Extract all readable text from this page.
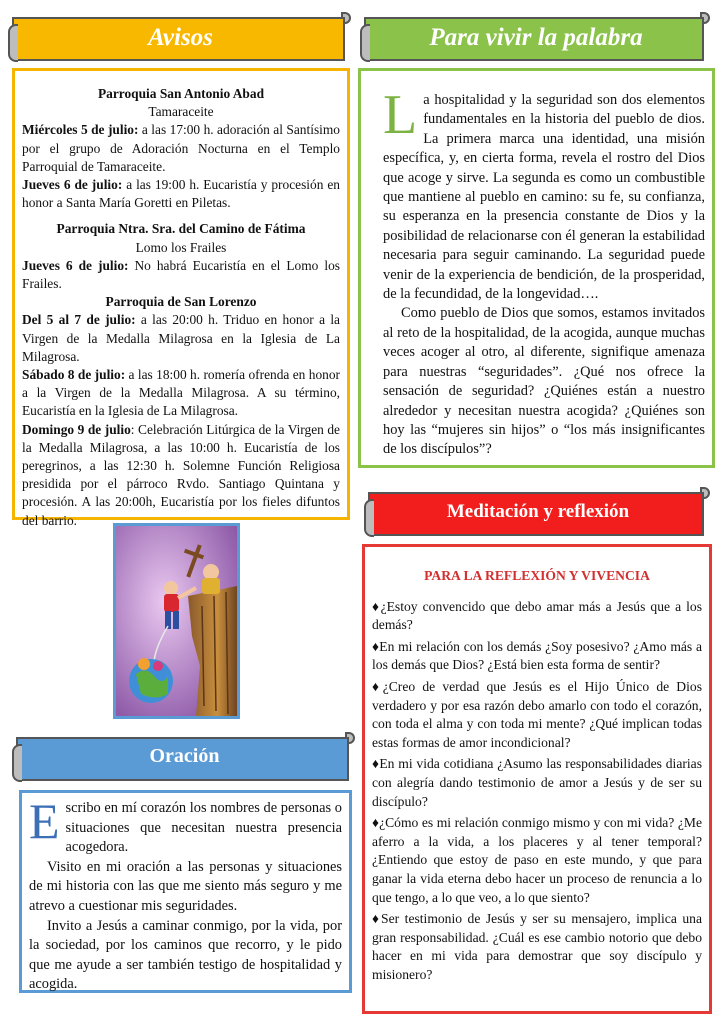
Avisos	Para vivir la palabra
Parroquia San Antonio Abad
Tamaraceite
Miércoles 5 de julio: a las 17:00 h. adoración al Santísimo por el grupo de Adoración Nocturna en el Templo Parroquial de Tamaraceite.
Jueves 6 de julio: a las 19:00 h. Eucaristía y procesión en honor a Santa María Goretti en Piletas.
Parroquia Ntra. Sra. del Camino de Fátima
Lomo los Frailes
Jueves 6 de julio: No habrá Eucaristía en el Lomo los Frailes.
Parroquia de San Lorenzo
Del 5 al 7 de julio: a las 20:00 h. Triduo en honor a la Virgen de la Medalla Milagrosa en la Iglesia de La Milagrosa.
Sábado 8 de julio: a las 18:00 h. romería ofrenda en honor a la Virgen de la Medalla Milagrosa. A su término, Eucaristía en la Iglesia de La Milagrosa.
Domingo 9 de julio: Celebración Litúrgica de la Virgen de la Medalla Milagrosa, a las 10:00 h. Eucaristía de los peregrinos, a las 12:30 h. Solemne Función Religiosa presidida por el párroco Rvdo. Santiago Quintana y procesión. A las 20:00h, Eucaristía por los fieles difuntos del barrio.
La hospitalidad y la seguridad son dos elementos fundamentales en la historia del pueblo de dios. La primera marca una identidad, una misión específica, y, en cierta forma, revela el rostro del Dios que acoge y sirve. La segunda es como un combustible que mantiene al pueblo en camino: su fe, su confianza, su esperanza en la presencia constante de Dios y la posibilidad de relacionarse con él generan la estabilidad necesaria para seguir caminando. La seguridad puede venir de la experiencia de bendición, de la prosperidad, de la fecundidad, de la longevidad….
Como pueblo de Dios que somos, estamos invitados al reto de la hospitalidad, de la acogida, aunque muchas veces acoger al otro, al diferente, signifique amenaza para nuestras “seguridades”. ¿Qué nos ofrece la sensación de seguridad? ¿Quiénes están a nuestro alrededor y necesitan nuestra acogida? ¿Quiénes son hoy las “mujeres sin hijos” o “los más insignificantes de los discípulos”?
Meditación y reflexión
PARA LA REFLEXIÓN Y VIVENCIA
♦¿Estoy convencido que debo amar más a Jesús que a los demás?
♦En mi relación con los demás ¿Soy posesivo? ¿Amo más a los demás que Dios? ¿Está bien esta forma de sentir?
♦¿Creo de verdad que Jesús es el Hijo Único de Dios verdadero y por esa razón debo amarlo con todo el corazón, con toda el alma y con toda mi mente? ¿Qué implican todas estas formas de amor incondicional?
♦En mi vida cotidiana ¿Asumo las responsabilidades diarias con alegría dando testimonio de amor a Jesús y de ser su discípulo?
♦¿Cómo es mi relación conmigo mismo y con mi vida? ¿Me aferro a la vida, a los placeres y al tener temporal? ¿Entiendo que estoy de paso en este mundo, y que para ganar la vida eterna debo hacer un proceso de renuncia a lo que tengo, a lo que veo, a lo que siento?
♦Ser testimonio de Jesús y ser su mensajero, implica una gran responsabilidad. ¿Cuál es ese cambio notorio que debo hacer en mi vida para demostrar que soy discípulo y misionero?
Oración
Escribo en mí corazón los nombres de personas o situaciones que necesitan nuestra presencia acogedora.
Visito en mi oración a las personas y situaciones de mi historia con las que me siento más seguro y me atrevo a cuestionar mis seguridades.
Invito a Jesús a caminar conmigo, por la vida, por la sociedad, por los caminos que recorro, y le pido que me ayude a ser también testigo de hospitalidad y acogida.
